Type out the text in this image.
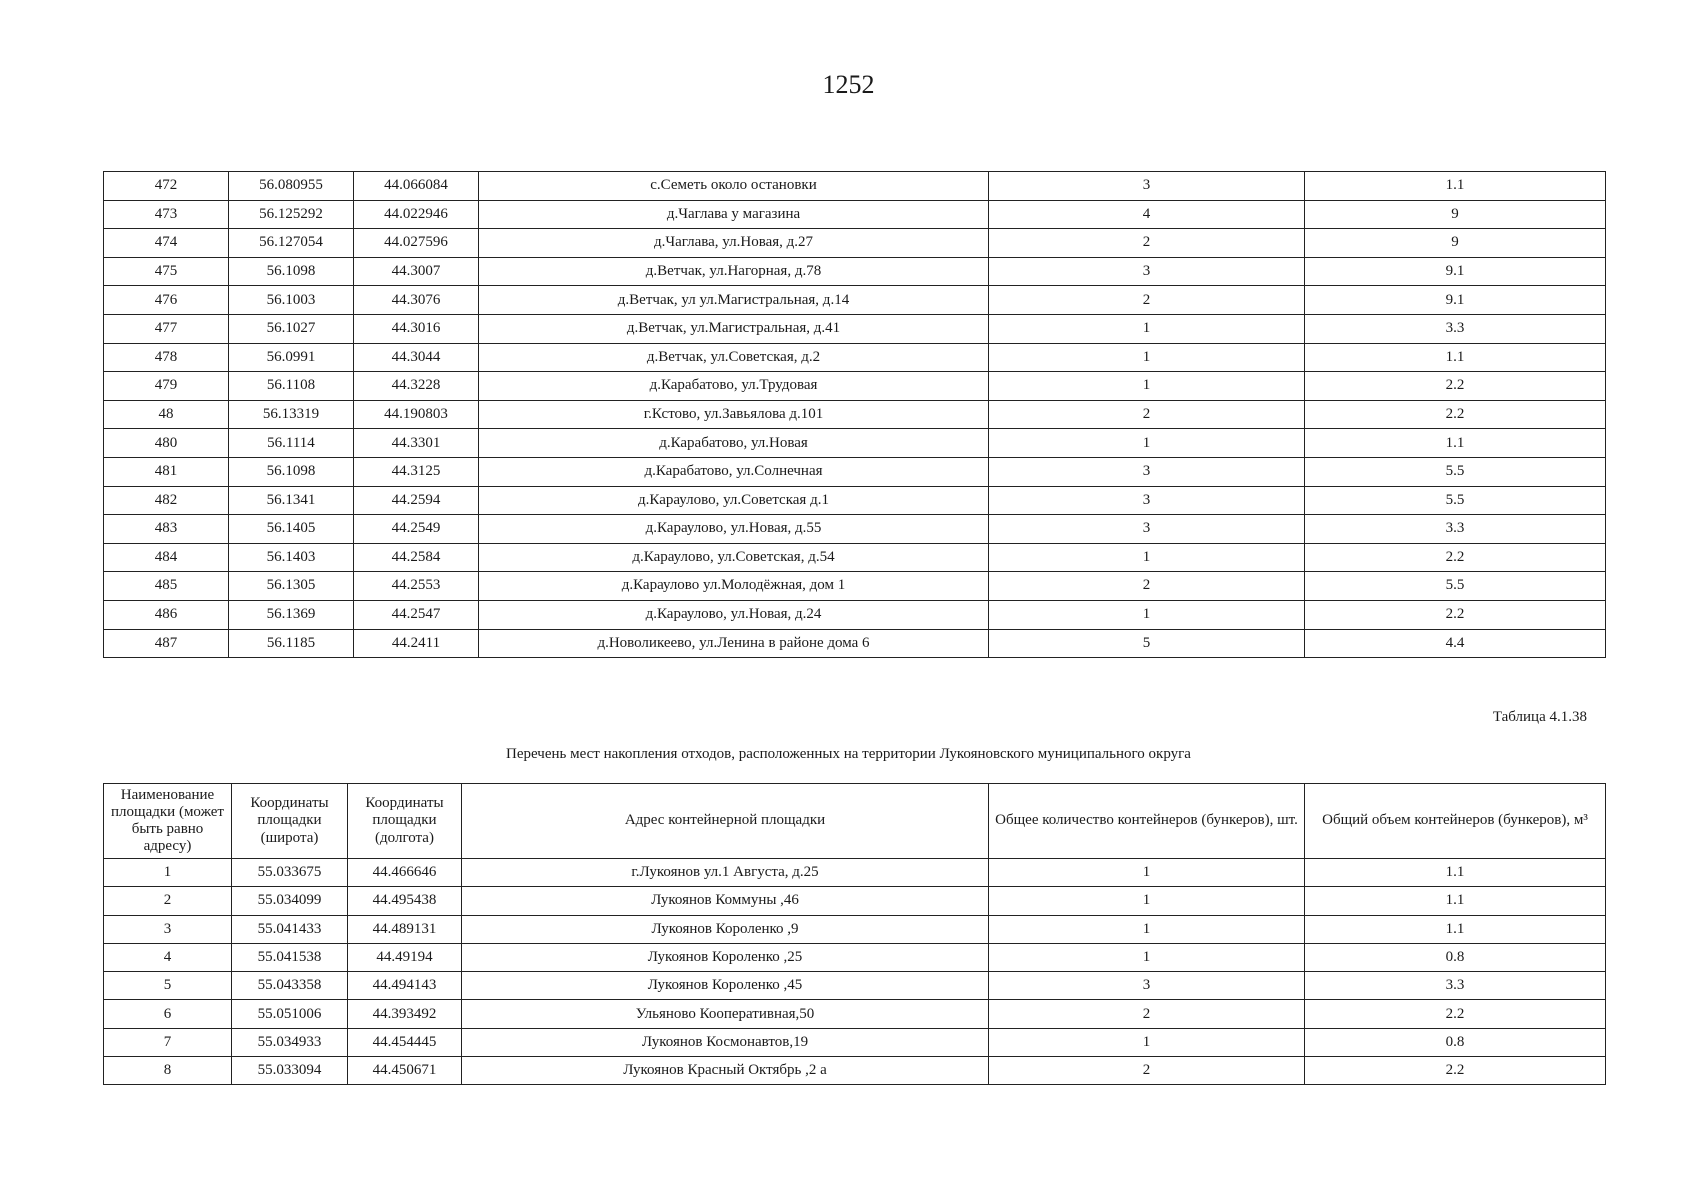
1252
472	56.080955	44.066084	с.Семеть около остановки	3	1.1
473	56.125292	44.022946	д.Чаглава у магазина	4	9
474	56.127054	44.027596	д.Чаглава, ул.Новая, д.27	2	9
475	56.1098	44.3007	д.Ветчак, ул.Нагорная, д.78	3	9.1
476	56.1003	44.3076	д.Ветчак, ул ул.Магистральная, д.14	2	9.1
477	56.1027	44.3016	д.Ветчак, ул.Магистральная, д.41	1	3.3
478	56.0991	44.3044	д.Ветчак, ул.Советская, д.2	1	1.1
479	56.1108	44.3228	д.Карабатово, ул.Трудовая	1	2.2
48	56.13319	44.190803	г.Кстово, ул.Завьялова д.101	2	2.2
480	56.1114	44.3301	д.Карабатово, ул.Новая	1	1.1
481	56.1098	44.3125	д.Карабатово, ул.Солнечная	3	5.5
482	56.1341	44.2594	д.Караулово, ул.Советская д.1	3	5.5
483	56.1405	44.2549	д.Караулово, ул.Новая, д.55	3	3.3
484	56.1403	44.2584	д.Караулово, ул.Советская, д.54	1	2.2
485	56.1305	44.2553	д.Караулово ул.Молодёжная, дом 1	2	5.5
486	56.1369	44.2547	д.Караулово, ул.Новая, д.24	1	2.2
487	56.1185	44.2411	д.Новоликеево, ул.Ленина в районе дома 6	5	4.4
Таблица 4.1.38
Перечень мест накопления отходов, расположенных на территории Лукояновского муниципального округа
Наименование площадки (может быть равно адресу)	Координаты площадки (широта)	Координаты площадки (долгота)	Адрес контейнерной площадки	Общее количество контейнеров (бункеров), шт.	Общий объем контейнеров (бункеров), м³
1	55.033675	44.466646	г.Лукоянов ул.1 Августа, д.25	1	1.1
2	55.034099	44.495438	Лукоянов Коммуны ,46	1	1.1
3	55.041433	44.489131	Лукоянов Короленко ,9	1	1.1
4	55.041538	44.49194	Лукоянов Короленко ,25	1	0.8
5	55.043358	44.494143	Лукоянов Короленко ,45	3	3.3
6	55.051006	44.393492	Ульяново Кооперативная,50	2	2.2
7	55.034933	44.454445	Лукоянов Космонавтов,19	1	0.8
8	55.033094	44.450671	Лукоянов Красный Октябрь ,2 а	2	2.2
